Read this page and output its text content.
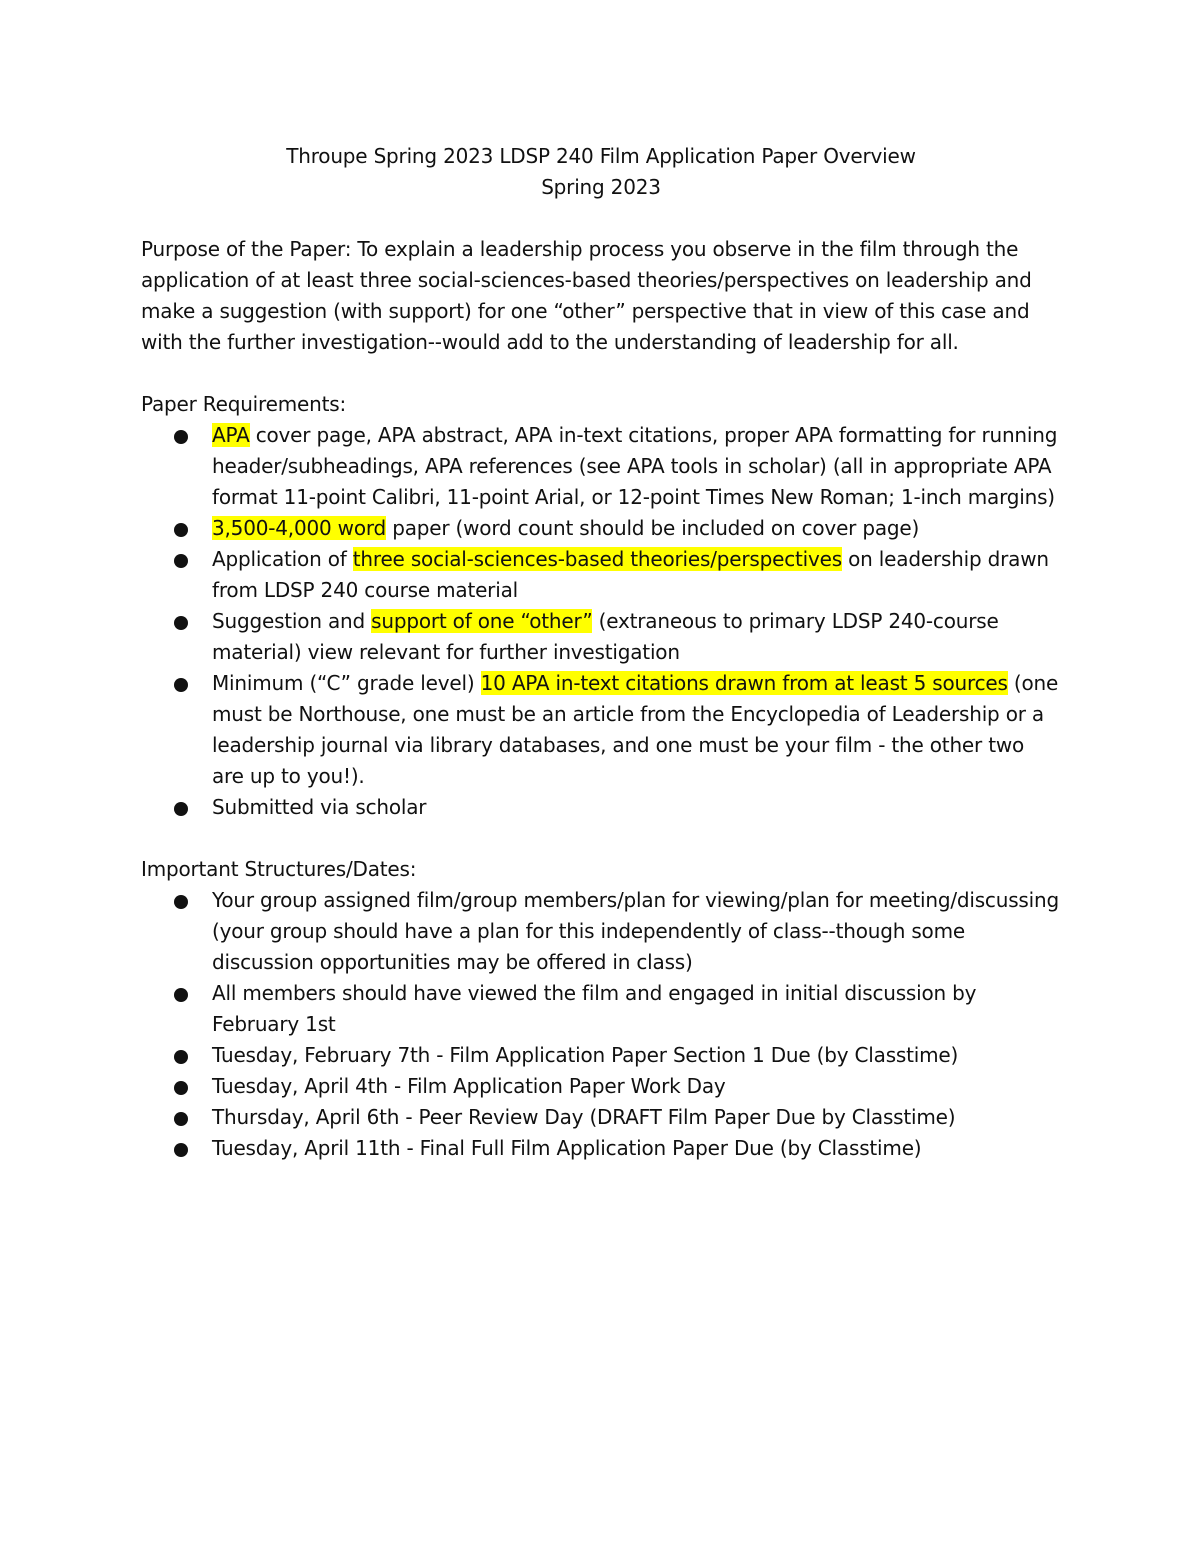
Throupe Spring 2023 LDSP 240 Film Application Paper Overview
Spring 2023

Purpose of the Paper: To explain a leadership process you observe in the film through the application of at least three social-sciences-based theories/perspectives on leadership and make a suggestion (with support) for one “other” perspective that in view of this case and with the further investigation--would add to the understanding of leadership for all.

Paper Requirements:
APA cover page, APA abstract, APA in-text citations, proper APA formatting for running header/subheadings, APA references (see APA tools in scholar) (all in appropriate APA format 11-point Calibri, 11-point Arial, or 12-point Times New Roman; 1-inch margins)
3,500-4,000 word paper (word count should be included on cover page)
Application of three social-sciences-based theories/perspectives on leadership drawn from LDSP 240 course material
Suggestion and support of one “other” (extraneous to primary LDSP 240-course material) view relevant for further investigation
Minimum (“C” grade level) 10 APA in-text citations drawn from at least 5 sources (one must be Northouse, one must be an article from the Encyclopedia of Leadership or a leadership journal via library databases, and one must be your film - the other two are up to you!).
Submitted via scholar
Important Structures/Dates:
Your group assigned film/group members/plan for viewing/plan for meeting/discussing (your group should have a plan for this independently of class--though some discussion opportunities may be offered in class)
All members should have viewed the film and engaged in initial discussion by February 1st
Tuesday, February 7th - Film Application Paper Section 1 Due (by Classtime)
Tuesday, April 4th - Film Application Paper Work Day
Thursday, April 6th - Peer Review Day (DRAFT Film Paper Due by Classtime)
Tuesday, April 11th - Final Full Film Application Paper Due (by Classtime)
